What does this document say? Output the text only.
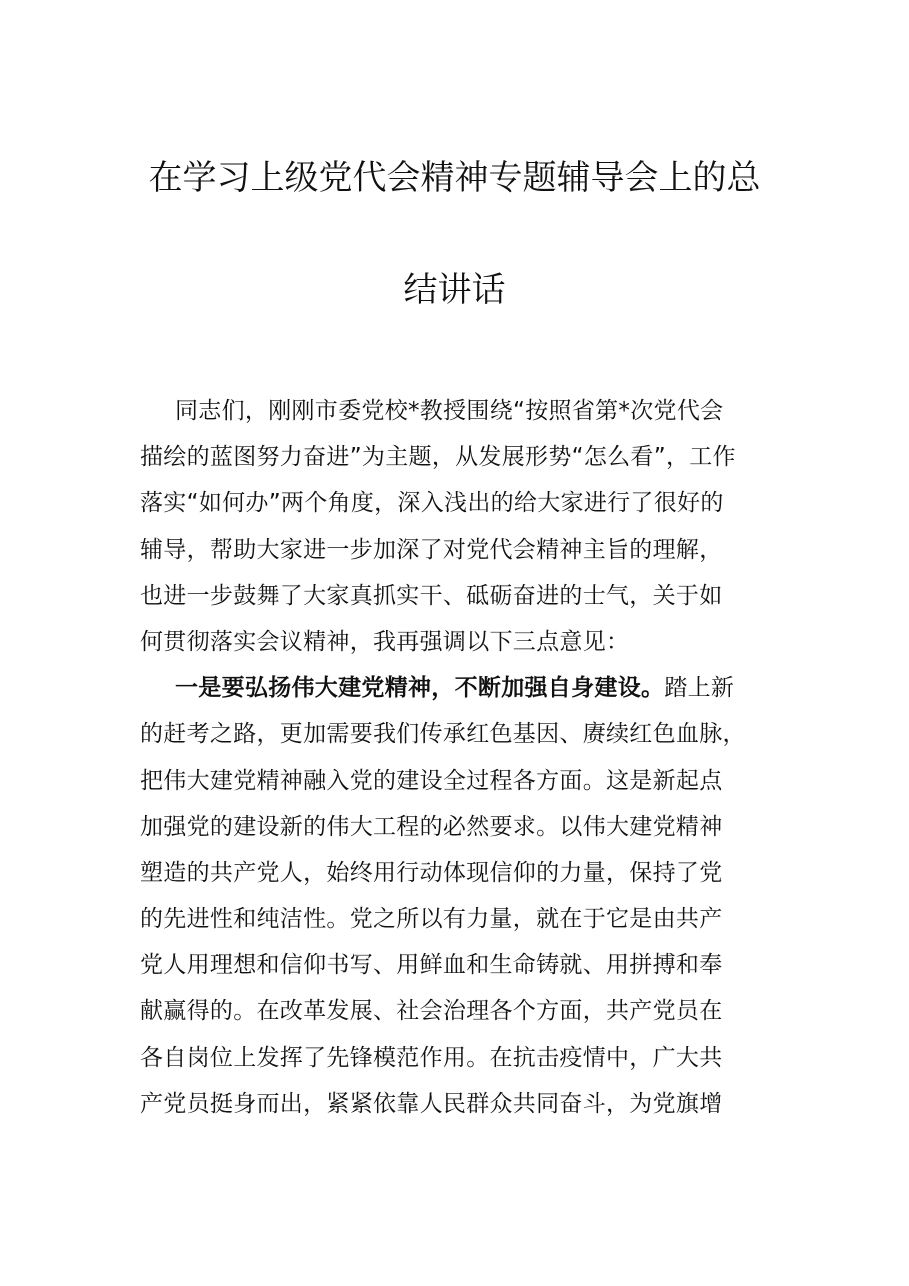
在学习上级党代会精神专题辅导会上的总
结讲话
同志们，刚刚市委党校*教授围绕“按照省第*次党代会
描绘的蓝图努力奋进”为主题，从发展形势“怎么看”，工作
落实“如何办”两个角度，深入浅出的给大家进行了很好的
辅导，帮助大家进一步加深了对党代会精神主旨的理解，
也进一步鼓舞了大家真抓实干、砥砺奋进的士气，关于如
何贯彻落实会议精神，我再强调以下三点意见：
一是要弘扬伟大建党精神，不断加强自身建设。踏上新
的赶考之路，更加需要我们传承红色基因、赓续红色血脉，
把伟大建党精神融入党的建设全过程各方面。这是新起点
加强党的建设新的伟大工程的必然要求。以伟大建党精神
塑造的共产党人，始终用行动体现信仰的力量，保持了党
的先进性和纯洁性。党之所以有力量，就在于它是由共产
党人用理想和信仰书写、用鲜血和生命铸就、用拼搏和奉
献赢得的。在改革发展、社会治理各个方面，共产党员在
各自岗位上发挥了先锋模范作用。在抗击疫情中，广大共
产党员挺身而出，紧紧依靠人民群众共同奋斗，为党旗增
